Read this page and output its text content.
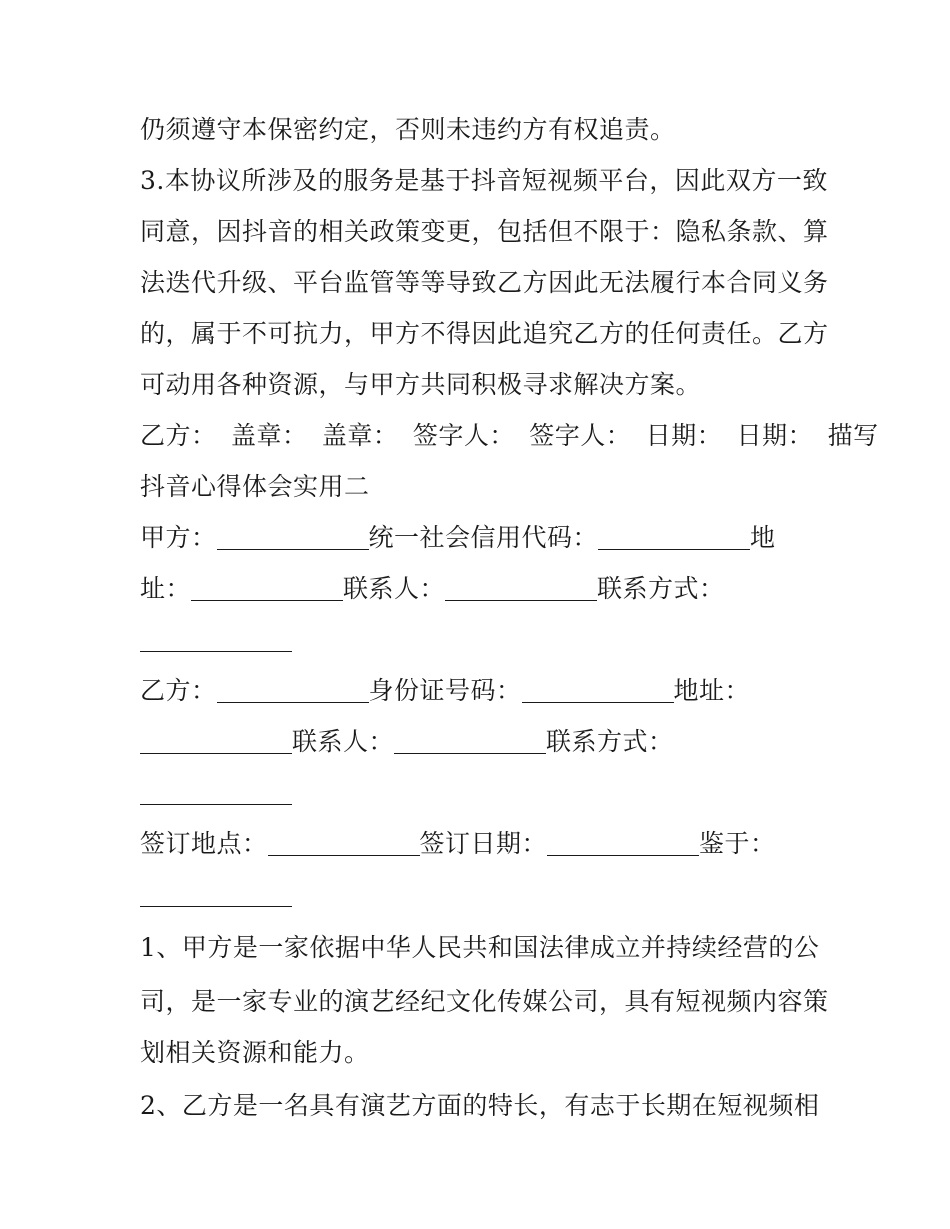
仍须遵守本保密约定，否则未违约方有权追责。
3.本协议所涉及的服务是基于抖音短视频平台，因此双方一致
同意，因抖音的相关政策变更，包括但不限于：隐私条款、算
法迭代升级、平台监管等等导致乙方因此无法履行本合同义务
的，属于不可抗力，甲方不得因此追究乙方的任何责任。乙方
可动用各种资源，与甲方共同积极寻求解决方案。
乙方： 盖章： 盖章： 签字人： 签字人： 日期： 日期： 描写
抖音心得体会实用二
甲方：	统一社会信用代码：	地
址：	联系人：	联系方式：
乙方：	身份证号码：	地址：
联系人：	联系方式：
签订地点：	签订日期：	鉴于：
1、甲方是一家依据中华人民共和国法律成立并持续经营的公
司，是一家专业的演艺经纪文化传媒公司，具有短视频内容策
划相关资源和能力。
2、乙方是一名具有演艺方面的特长，有志于长期在短视频相
